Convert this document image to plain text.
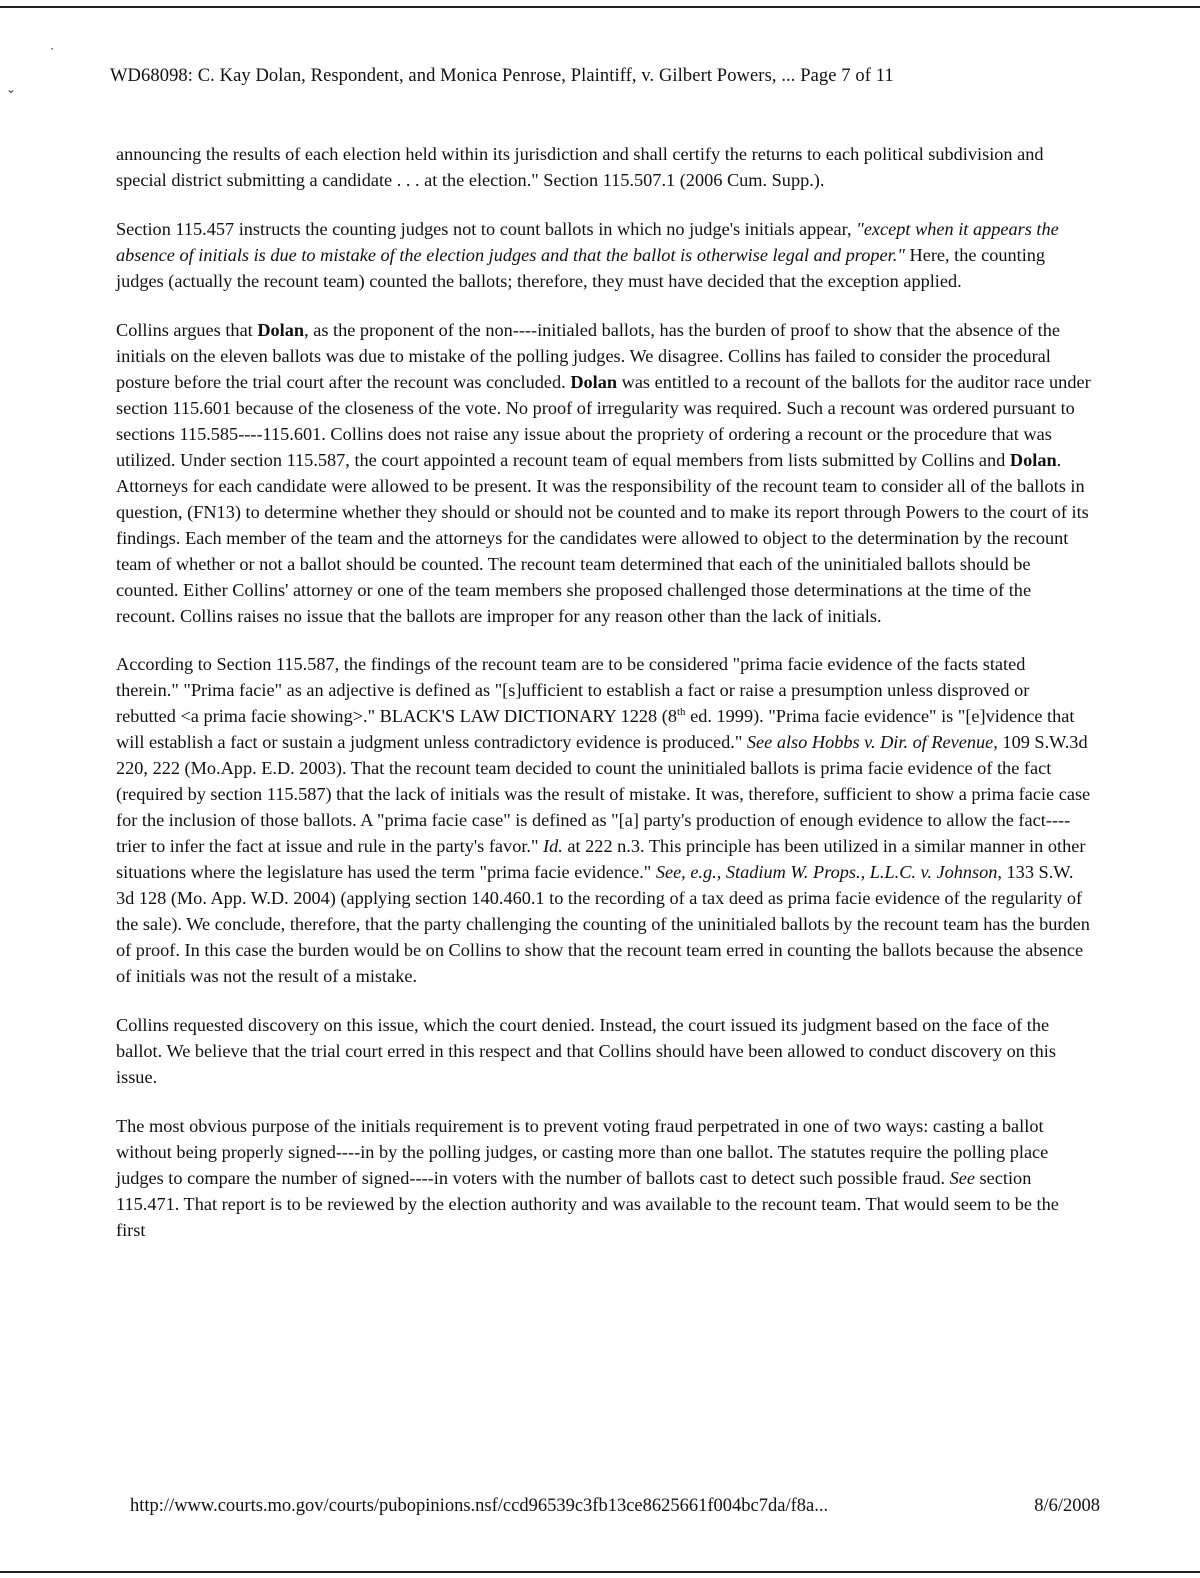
⋅
⌄
WD68098: C. Kay Dolan, Respondent, and Monica Penrose, Plaintiff, v. Gilbert Powers, ... Page 7 of 11

announcing the results of each election held within its jurisdiction and shall certify the returns to each political subdivision and special district submitting a candidate . . . at the election." Section 115.507.1 (2006 Cum. Supp.).

Section 115.457 instructs the counting judges not to count ballots in which no judge's initials appear, "except when it appears the absence of initials is due to mistake of the election judges and that the ballot is otherwise legal and proper." Here, the counting judges (actually the recount team) counted the ballots; therefore, they must have decided that the exception applied.

Collins argues that Dolan, as the proponent of the non----initialed ballots, has the burden of proof to show that the absence of the initials on the eleven ballots was due to mistake of the polling judges. We disagree. Collins has failed to consider the procedural posture before the trial court after the recount was concluded. Dolan was entitled to a recount of the ballots for the auditor race under section 115.601 because of the closeness of the vote. No proof of irregularity was required. Such a recount was ordered pursuant to sections 115.585----115.601. Collins does not raise any issue about the propriety of ordering a recount or the procedure that was utilized. Under section 115.587, the court appointed a recount team of equal members from lists submitted by Collins and Dolan. Attorneys for each candidate were allowed to be present. It was the responsibility of the recount team to consider all of the ballots in question, (FN13) to determine whether they should or should not be counted and to make its report through Powers to the court of its findings. Each member of the team and the attorneys for the candidates were allowed to object to the determination by the recount team of whether or not a ballot should be counted. The recount team determined that each of the uninitialed ballots should be counted. Either Collins' attorney or one of the team members she proposed challenged those determinations at the time of the recount. Collins raises no issue that the ballots are improper for any reason other than the lack of initials.

According to Section 115.587, the findings of the recount team are to be considered "prima facie evidence of the facts stated therein." "Prima facie" as an adjective is defined as "[s]ufficient to establish a fact or raise a presumption unless disproved or rebutted <a prima facie showing>." BLACK'S LAW DICTIONARY 1228 (8th ed. 1999). "Prima facie evidence" is "[e]vidence that will establish a fact or sustain a judgment unless contradictory evidence is produced." See also Hobbs v. Dir. of Revenue, 109 S.W.3d 220, 222 (Mo.App. E.D. 2003). That the recount team decided to count the uninitialed ballots is prima facie evidence of the fact (required by section 115.587) that the lack of initials was the result of mistake. It was, therefore, sufficient to show a prima facie case for the inclusion of those ballots. A "prima facie case" is defined as "[a] party's production of enough evidence to allow the fact----trier to infer the fact at issue and rule in the party's favor." Id. at 222 n.3. This principle has been utilized in a similar manner in other situations where the legislature has used the term "prima facie evidence." See, e.g., Stadium W. Props., L.L.C. v. Johnson, 133 S.W. 3d 128 (Mo. App. W.D. 2004) (applying section 140.460.1 to the recording of a tax deed as prima facie evidence of the regularity of the sale). We conclude, therefore, that the party challenging the counting of the uninitialed ballots by the recount team has the burden of proof. In this case the burden would be on Collins to show that the recount team erred in counting the ballots because the absence of initials was not the result of a mistake.

Collins requested discovery on this issue, which the court denied. Instead, the court issued its judgment based on the face of the ballot. We believe that the trial court erred in this respect and that Collins should have been allowed to conduct discovery on this issue.

The most obvious purpose of the initials requirement is to prevent voting fraud perpetrated in one of two ways: casting a ballot without being properly signed----in by the polling judges, or casting more than one ballot. The statutes require the polling place judges to compare the number of signed----in voters with the number of ballots cast to detect such possible fraud. See section 115.471. That report is to be reviewed by the election authority and was available to the recount team. That would seem to be the first

http://www.courts.mo.gov/courts/pubopinions.nsf/ccd96539c3fb13ce8625661f004bc7da/f8a...	8/6/2008
